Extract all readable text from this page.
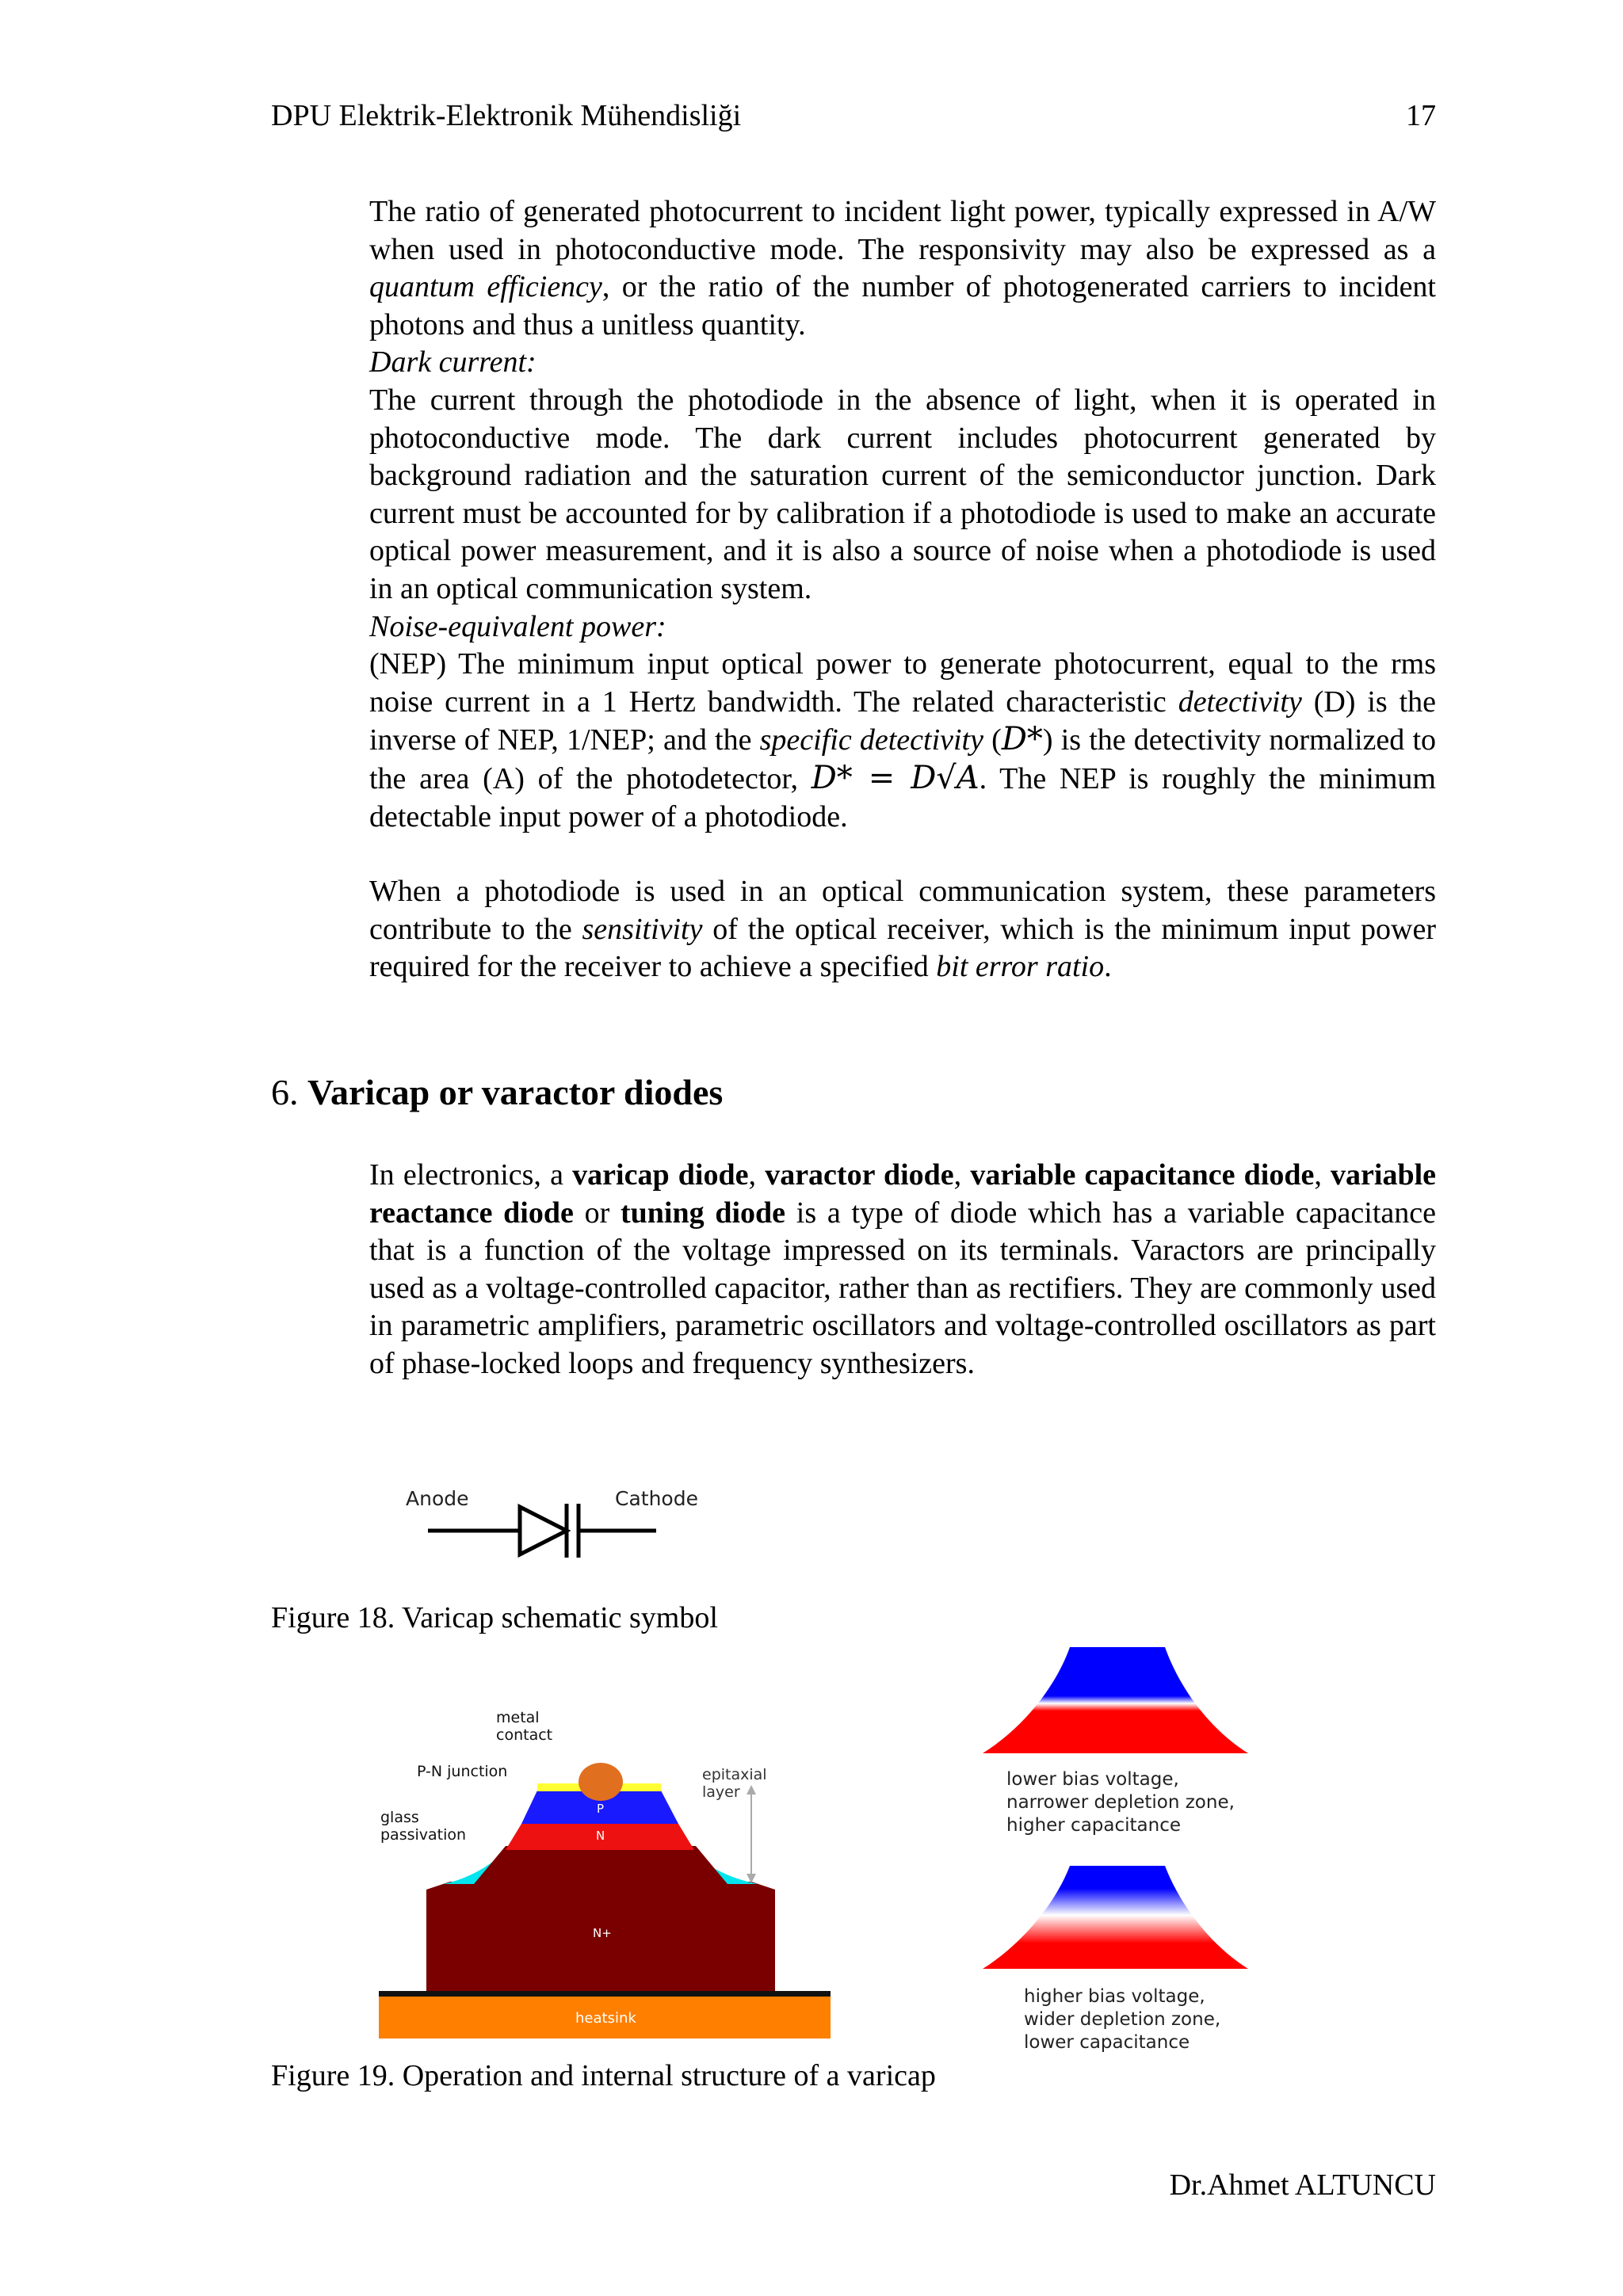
DPU Elektrik-Elektronik Mühendisliği	17

The ratio of generated photocurrent to incident light power, typically expressed in A/W when used in photoconductive mode. The responsivity may also be expressed as a quantum efficiency, or the ratio of the number of photogenerated carriers to incident photons and thus a unitless quantity.

Dark current:

The current through the photodiode in the absence of light, when it is operated in photoconductive mode. The dark current includes photocurrent generated by background radiation and the saturation current of the semiconductor junction. Dark current must be accounted for by calibration if a photodiode is used to make an accurate optical power measurement, and it is also a source of noise when a photodiode is used in an optical communication system.

Noise-equivalent power:

(NEP) The minimum input optical power to generate photocurrent, equal to the rms noise current in a 1 Hertz bandwidth. The related characteristic detectivity (D) is the inverse of NEP, 1/NEP; and the specific detectivity (D*) is the detectivity normalized to the area (A) of the photodetector, D* = D√A. The NEP is roughly the minimum detectable input power of a photodiode.

When a photodiode is used in an optical communication system, these parameters contribute to the sensitivity of the optical receiver, which is the minimum input power required for the receiver to achieve a specified bit error ratio.

6. Varicap or varactor diodes

In electronics, a varicap diode, varactor diode, variable capacitance diode, variable reactance diode or tuning diode is a type of diode which has a variable capacitance that is a function of the voltage impressed on its terminals. Varactors are principally used as a voltage-controlled capacitor, rather than as rectifiers. They are commonly used in parametric amplifiers, parametric oscillators and voltage-controlled oscillators as part of phase-locked loops and frequency synthesizers.

Anode	Cathode
Figure 18. Varicap schematic symbol
metal
contact
P-N junction
glass
passivation
epitaxial
layer
P
N
N+
heatsink
lower bias voltage,
narrower depletion zone,
higher capacitance
higher bias voltage,
wider depletion zone,
lower capacitance
Figure 19. Operation and internal structure of a varicap
Dr.Ahmet ALTUNCU
